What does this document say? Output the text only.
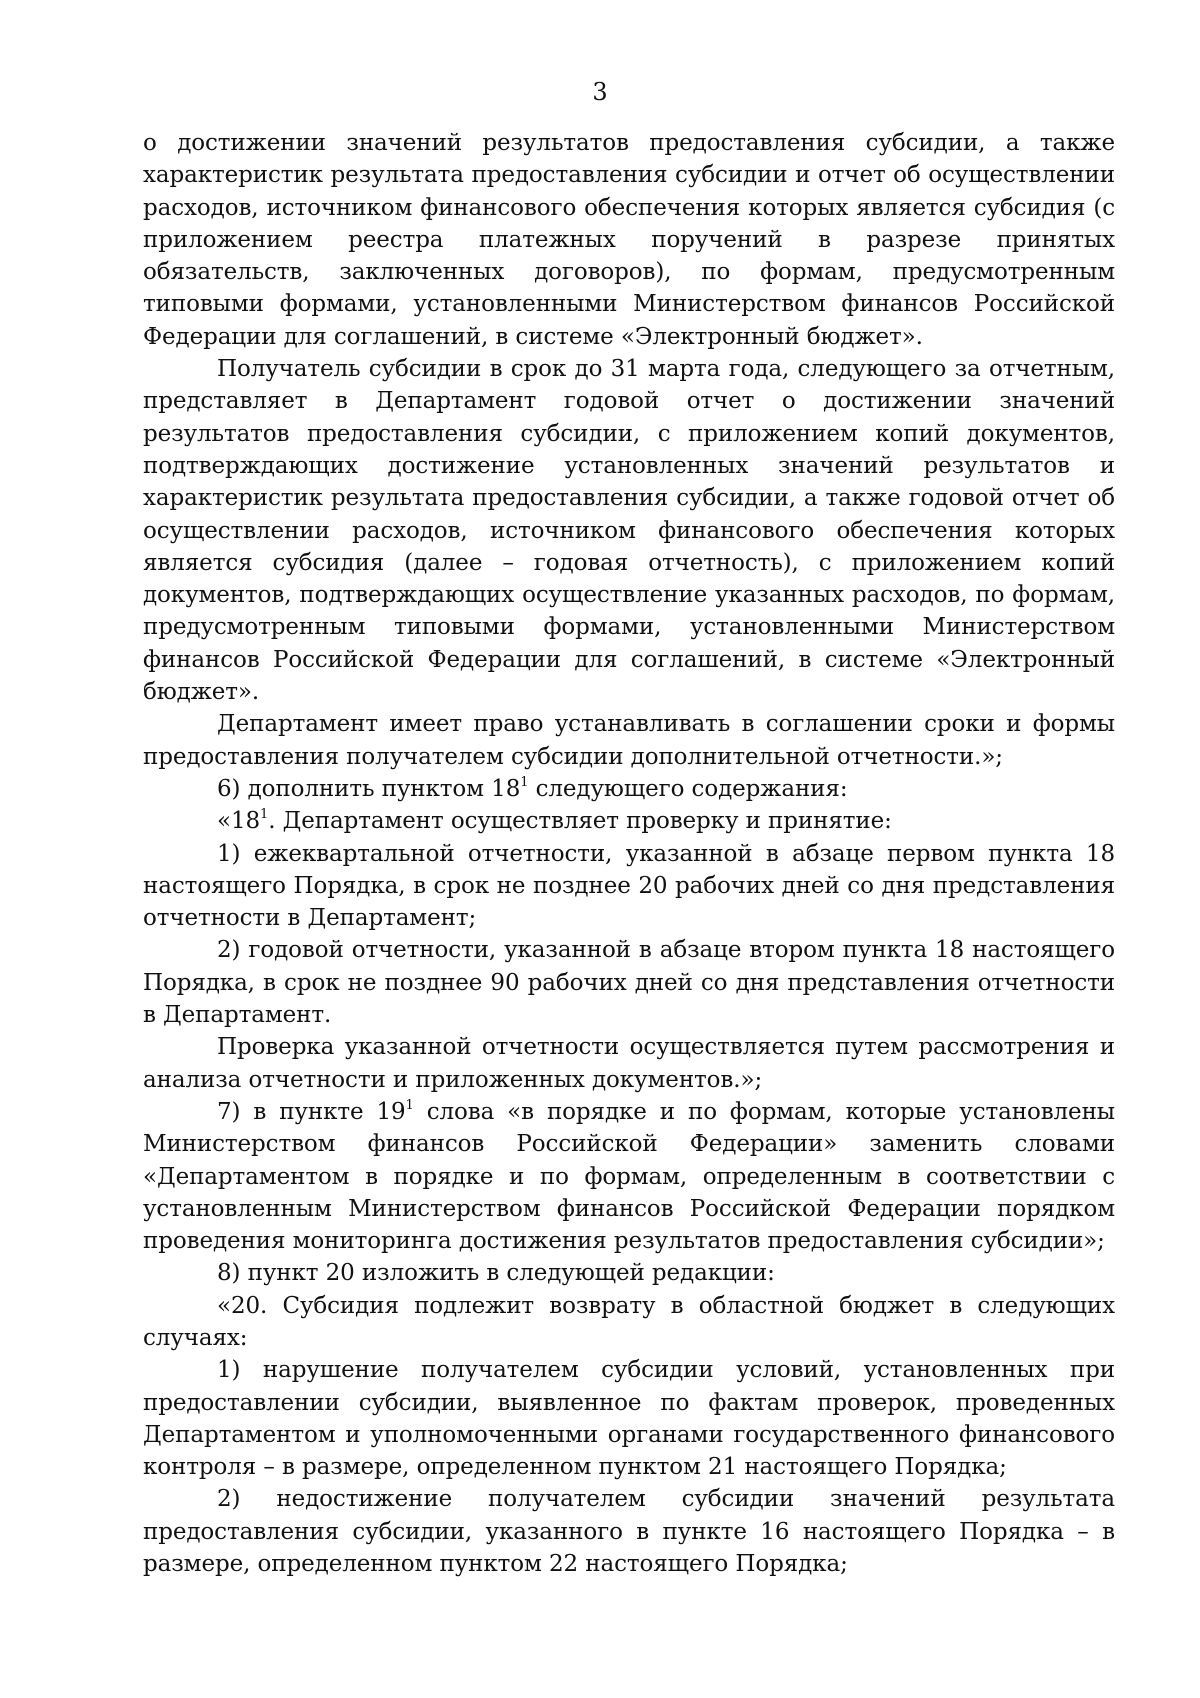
3

о достижении значений результатов предоставления субсидии, а также характеристик результата предоставления субсидии и отчет об осуществлении расходов, источником финансового обеспечения которых является субсидия (с приложением реестра платежных поручений в разрезе принятых обязательств, заключенных договоров), по формам, предусмотренным типовыми формами, установленными Министерством финансов Российской Федерации для соглашений, в системе «Электронный бюджет».

Получатель субсидии в срок до 31 марта года, следующего за отчетным, представляет в Департамент годовой отчет о достижении значений результатов предоставления субсидии, с приложением копий документов, подтверждающих достижение установленных значений результатов и характеристик результата предоставления субсидии, а также годовой отчет об осуществлении расходов, источником финансового обеспечения которых является субсидия (далее – годовая отчетность), с приложением копий документов, подтверждающих осуществление указанных расходов, по формам, предусмотренным типовыми формами, установленными Министерством финансов Российской Федерации для соглашений, в системе «Электронный бюджет».

Департамент имеет право устанавливать в соглашении сроки и формы предоставления получателем субсидии дополнительной отчетности.»;

6) дополнить пунктом $18^1$ следующего содержания:

«$18^1$. Департамент осуществляет проверку и принятие:

1) ежеквартальной отчетности, указанной в абзаце первом пункта 18 настоящего Порядка, в срок не позднее 20 рабочих дней со дня представления отчетности в Департамент;

2) годовой отчетности, указанной в абзаце втором пункта 18 настоящего Порядка, в срок не позднее 90 рабочих дней со дня представления отчетности в Департамент.

Проверка указанной отчетности осуществляется путем рассмотрения и анализа отчетности и приложенных документов.»;

7) в пункте $19^1$ слова «в порядке и по формам, которые установлены Министерством финансов Российской Федерации» заменить словами «Департаментом в порядке и по формам, определенным в соответствии с установленным Министерством финансов Российской Федерации порядком проведения мониторинга достижения результатов предоставления субсидии»;

8) пункт 20 изложить в следующей редакции:

«20. Субсидия подлежит возврату в областной бюджет в следующих случаях:

1) нарушение получателем субсидии условий, установленных при предоставлении субсидии, выявленное по фактам проверок, проведенных Департаментом и уполномоченными органами государственного финансового контроля – в размере, определенном пунктом 21 настоящего Порядка;

2) недостижение получателем субсидии значений результата предоставления субсидии, указанного в пункте 16 настоящего Порядка – в размере, определенном пунктом 22 настоящего Порядка;
